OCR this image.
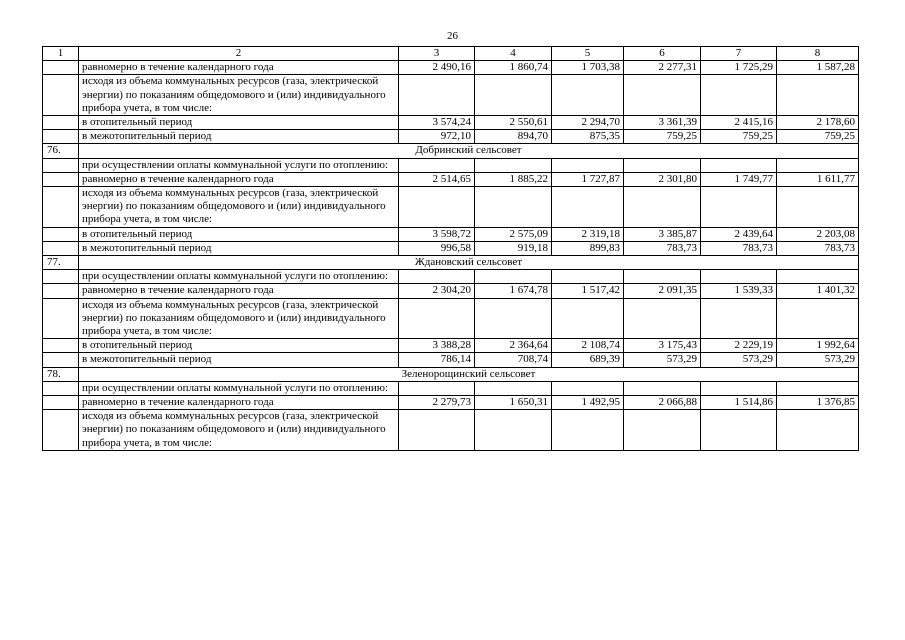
26
1	2	3	4	5	6	7	8
	равномерно в течение календарного года	2 490,16	1 860,74	1 703,38	2 277,31	1 725,29	1 587,28
	исходя из объема коммунальных ресурсов (газа, электрической энергии) по показаниям общедомового и (или) индивидуального прибора учета, в том числе:						
	в отопительный период	3 574,24	2 550,61	2 294,70	3 361,39	2 415,16	2 178,60
	в межотопительный период	972,10	894,70	875,35	759,25	759,25	759,25
76.	Добринский сельсовет						
	при осуществлении оплаты коммунальной услуги по отоплению:						
	равномерно в течение календарного года	2 514,65	1 885,22	1 727,87	2 301,80	1 749,77	1 611,77
	исходя из объема коммунальных ресурсов (газа, электрической энергии) по показаниям общедомового и (или) индивидуального прибора учета, в том числе:						
	в отопительный период	3 598,72	2 575,09	2 319,18	3 385,87	2 439,64	2 203,08
	в межотопительный период	996,58	919,18	899,83	783,73	783,73	783,73
77.	Ждановский сельсовет						
	при осуществлении оплаты коммунальной услуги по отоплению:						
	равномерно в течение календарного года	2 304,20	1 674,78	1 517,42	2 091,35	1 539,33	1 401,32
	исходя из объема коммунальных ресурсов (газа, электрической энергии) по показаниям общедомового и (или) индивидуального прибора учета, в том числе:						
	в отопительный период	3 388,28	2 364,64	2 108,74	3 175,43	2 229,19	1 992,64
	в межотопительный период	786,14	708,74	689,39	573,29	573,29	573,29
78.	Зеленорощинский сельсовет						
	при осуществлении оплаты коммунальной услуги по отоплению:						
	равномерно в течение календарного года	2 279,73	1 650,31	1 492,95	2 066,88	1 514,86	1 376,85
	исходя из объема коммунальных ресурсов (газа, электрической энергии) по показаниям общедомового и (или) индивидуального прибора учета, в том числе:						
